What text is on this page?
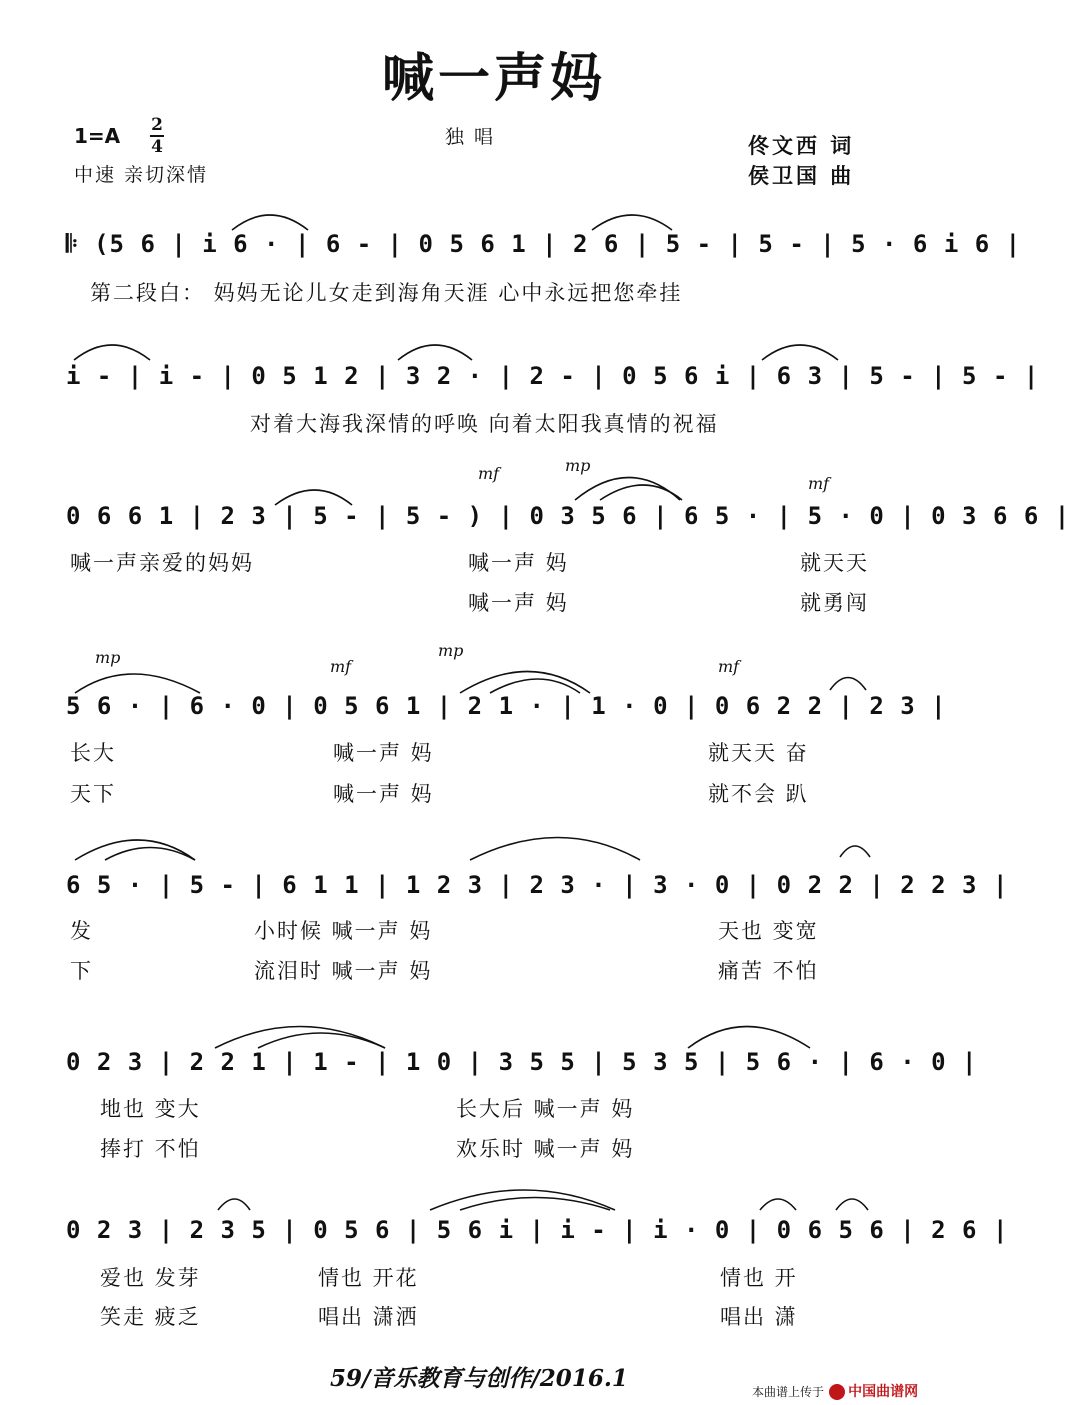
喊一声妈
1=A 2
4
中速 亲切深情
独 唱	佟文西 词
侯卫国 曲
𝄆 (5 6 | i 6 · | 6 - | 0 5 6 1 | 2 6 | 5 - | 5 - | 5 · 6 i 6 |
第二段白： 妈妈无论儿女走到海角天涯 心中永远把您牵挂
i - | i - | 0 5 1 2 | 3 2 · | 2 - | 0 5 6 i | 6 3 | 5 - | 5 - |
对着大海我深情的呼唤 向着太阳我真情的祝福
mf	mp
mf
0 6 6 1 | 2 3 | 5 - | 5 - ) | 0 3 5 6 | 6 5 · | 5 · 0 | 0 3 6 6 |
喊一声亲爱的妈妈	喊一声 妈	就天天
喊一声 妈	就勇闯
mp	mf
mp
mf
5 6 · | 6 · 0 | 0 5 6 1 | 2 1 · | 1 · 0 | 0 6 2 2 | 2 3 |
长大	喊一声 妈	就天天 奋
天下	喊一声 妈	就不会 趴
6 5 · | 5 - | 6 1 1 | 1 2 3 | 2 3 · | 3 · 0 | 0 2 2 | 2 2 3 |
发	小时候 喊一声 妈	天也 变宽
下	流泪时 喊一声 妈	痛苦 不怕
0 2 3 | 2 2 1 | 1 - | 1 0 | 3 5 5 | 5 3 5 | 5 6 · | 6 · 0 |
地也 变大	长大后 喊一声 妈
捧打 不怕	欢乐时 喊一声 妈
0 2 3 | 2 3 5 | 0 5 6 | 5 6 i | i - | i · 0 | 0 6 5 6 | 2 6 |
爱也 发芽	情也 开花	情也 开
笑走 疲乏	唱出 潇洒	唱出 潇
59/音乐教育与创作/2016.1	本曲谱上传于 中国曲谱网
